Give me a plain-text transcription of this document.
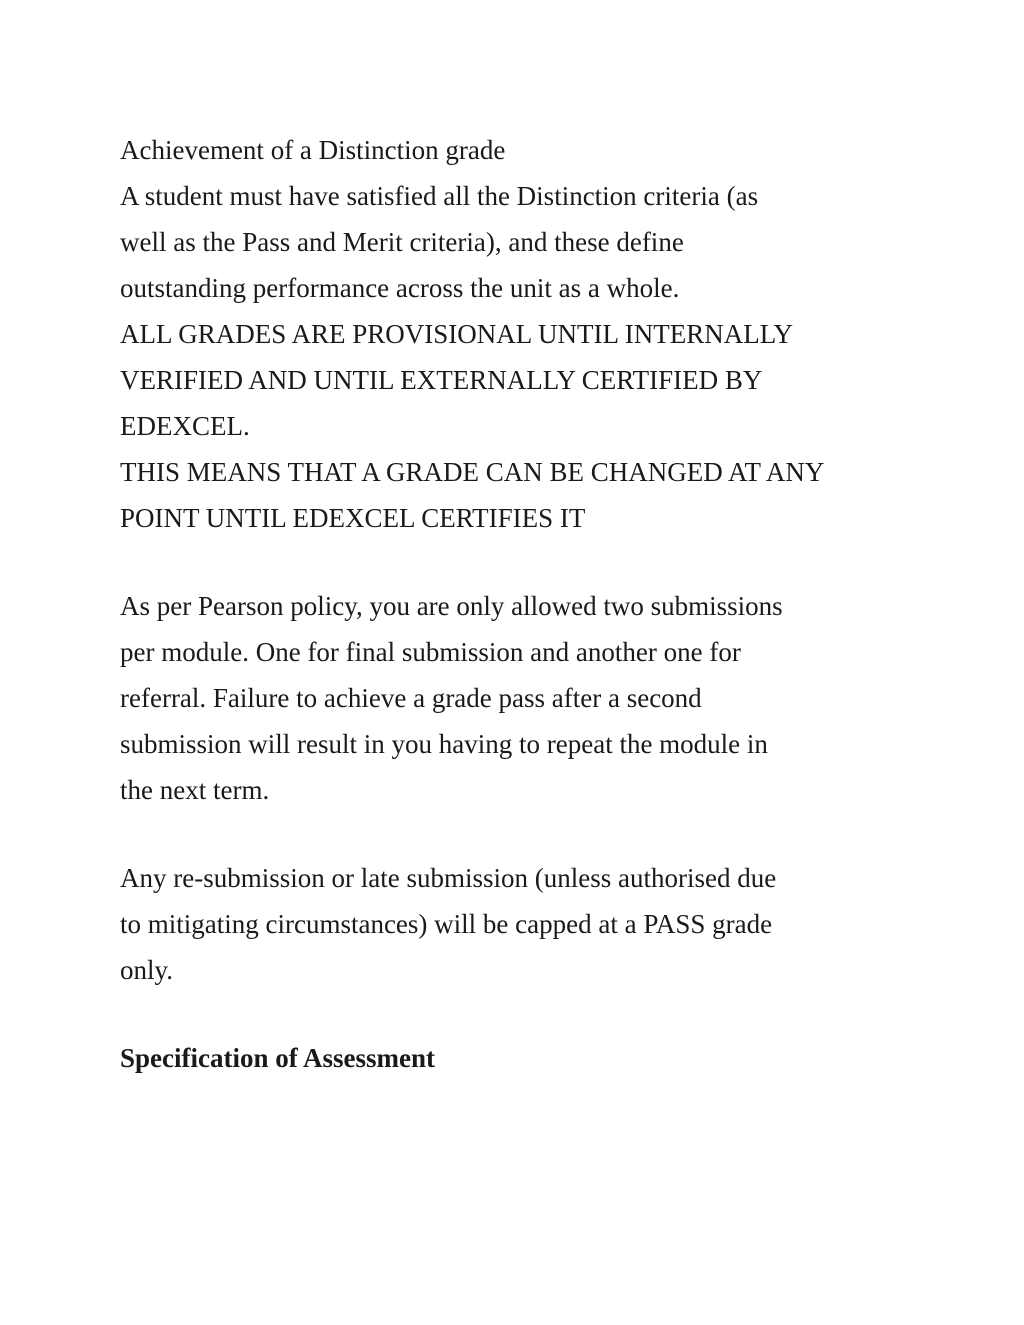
Achievement of a Distinction grade
A student must have satisfied all the Distinction criteria (as
well as the Pass and Merit criteria), and these define
outstanding performance across the unit as a whole.
ALL GRADES ARE PROVISIONAL UNTIL INTERNALLY
VERIFIED AND UNTIL EXTERNALLY CERTIFIED BY
EDEXCEL.
THIS MEANS THAT A GRADE CAN BE CHANGED AT ANY
POINT UNTIL EDEXCEL CERTIFIES IT
As per Pearson policy, you are only allowed two submissions
per module. One for final submission and another one for
referral. Failure to achieve a grade pass after a second
submission will result in you having to repeat the module in
the next term.
Any re-submission or late submission (unless authorised due
to mitigating circumstances) will be capped at a PASS grade
only.
Specification of Assessment
